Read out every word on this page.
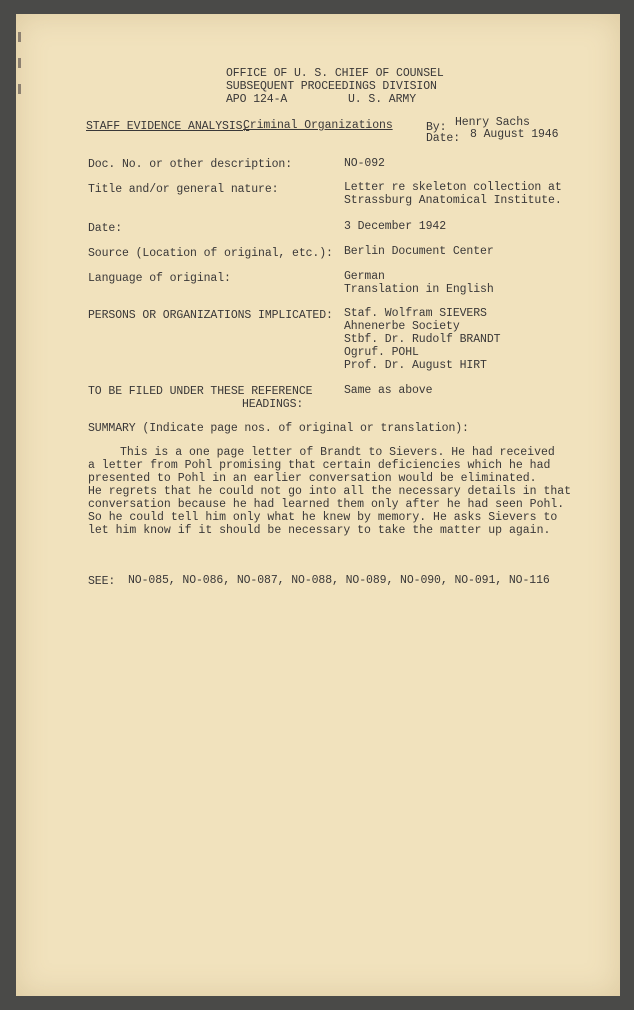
OFFICE OF U. S. CHIEF OF COUNSEL
SUBSEQUENT PROCEEDINGS DIVISION
APO 124-A	U. S. ARMY
STAFF EVIDENCE ANALYSIS,
Criminal Organizations	By: Henry Sachs
Date: 8 August 1946
Doc. No. or other description:	NO-092
Title and/or general nature:	Letter re skeleton collection at
Strassburg Anatomical Institute.
Date:	3 December 1942
Source (Location of original, etc.): Berlin Document Center
Language of original:	German
Translation in English
PERSONS OR ORGANIZATIONS IMPLICATED: Staf. Wolfram SIEVERS
Ahnenerbe Society
Stbf. Dr. Rudolf BRANDT
Ogruf. POHL
Prof. Dr. August HIRT
TO BE FILED UNDER THESE REFERENCE
HEADINGS:
Same as above
SUMMARY (Indicate page nos. of original or translation):
This is a one page letter of Brandt to Sievers. He had received
a letter from Pohl promising that certain deficiencies which he had
presented to Pohl in an earlier conversation would be eliminated.
He regrets that he could not go into all the necessary details in that
conversation because he had learned them only after he had seen Pohl.
So he could tell him only what he knew by memory. He asks Sievers to
let him know if it should be necessary to take the matter up again.
SEE: NO-085, NO-086, NO-087, NO-088, NO-089, NO-090, NO-091, NO-116
